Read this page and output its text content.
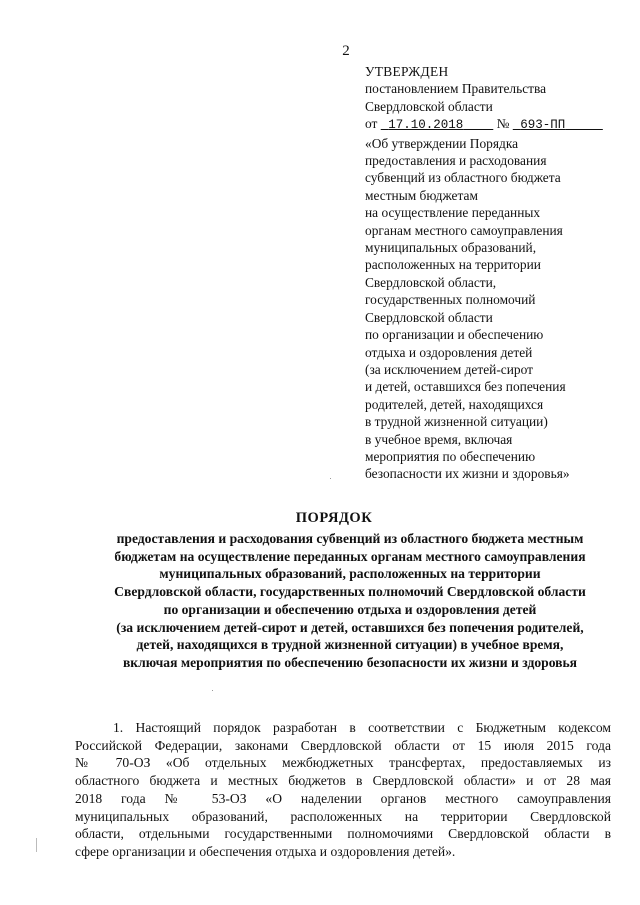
2
УТВЕРЖДЕН
постановлением Правительства
Свердловской области
от 17.10.2018 № 693-ПП
«Об утверждении Порядка
предоставления и расходования
субвенций из областного бюджета
местным бюджетам
на осуществление переданных
органам местного самоуправления
муниципальных образований,
расположенных на территории
Свердловской области,
государственных полномочий
Свердловской области
по организации и обеспечению
отдыха и оздоровления детей
(за исключением детей-сирот
и детей, оставшихся без попечения
родителей, детей, находящихся
в трудной жизненной ситуации)
в учебное время, включая
мероприятия по обеспечению
безопасности их жизни и здоровья»
ПОРЯДОК
предоставления и расходования субвенций из областного бюджета местным
бюджетам на осуществление переданных органам местного самоуправления
муниципальных образований, расположенных на территории
Свердловской области, государственных полномочий Свердловской области
по организации и обеспечению отдыха и оздоровления детей
(за исключением детей-сирот и детей, оставшихся без попечения родителей,
детей, находящихся в трудной жизненной ситуации) в учебное время,
включая мероприятия по обеспечению безопасности их жизни и здоровья
1. Настоящий порядок разработан в соответствии с Бюджетным кодексом
Российской Федерации, законами Свердловской области от 15 июля 2015 года
№ 70-ОЗ «Об отдельных межбюджетных трансфертах, предоставляемых из
областного бюджета и местных бюджетов в Свердловской области» и от 28 мая
2018 года № 53-ОЗ «О наделении органов местного самоуправления
муниципальных образований, расположенных на территории Свердловской
области, отдельными государственными полномочиями Свердловской области в
сфере организации и обеспечения отдыха и оздоровления детей».
